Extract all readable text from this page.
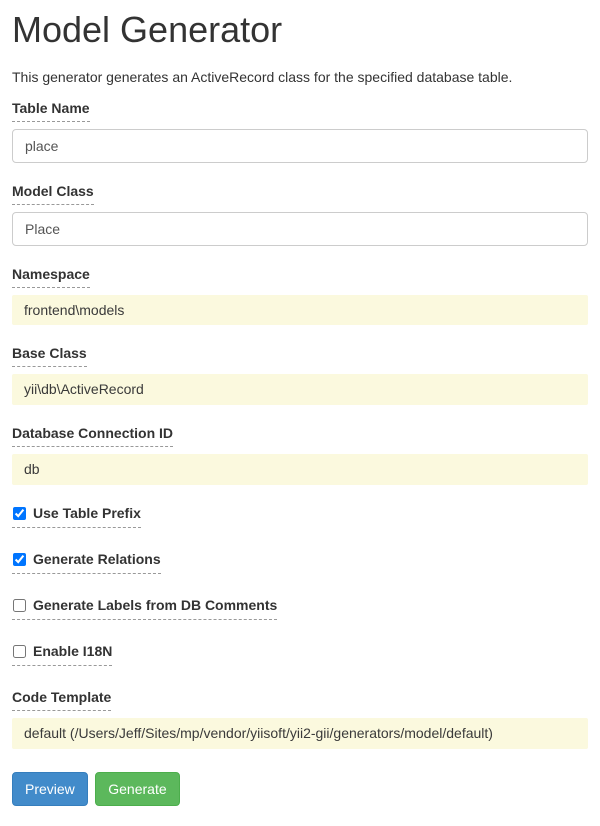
Model Generator

This generator generates an ActiveRecord class for the specified database table.

Table Name
place
Model Class
Place
Namespace
frontend\models
Base Class
yii\db\ActiveRecord
Database Connection ID
db
Use Table Prefix
Generate Relations
Generate Labels from DB Comments
Enable I18N
Code Template
default (/Users/Jeff/Sites/mp/vendor/yiisoft/yii2-gii/generators/model/default)
Preview Generate
